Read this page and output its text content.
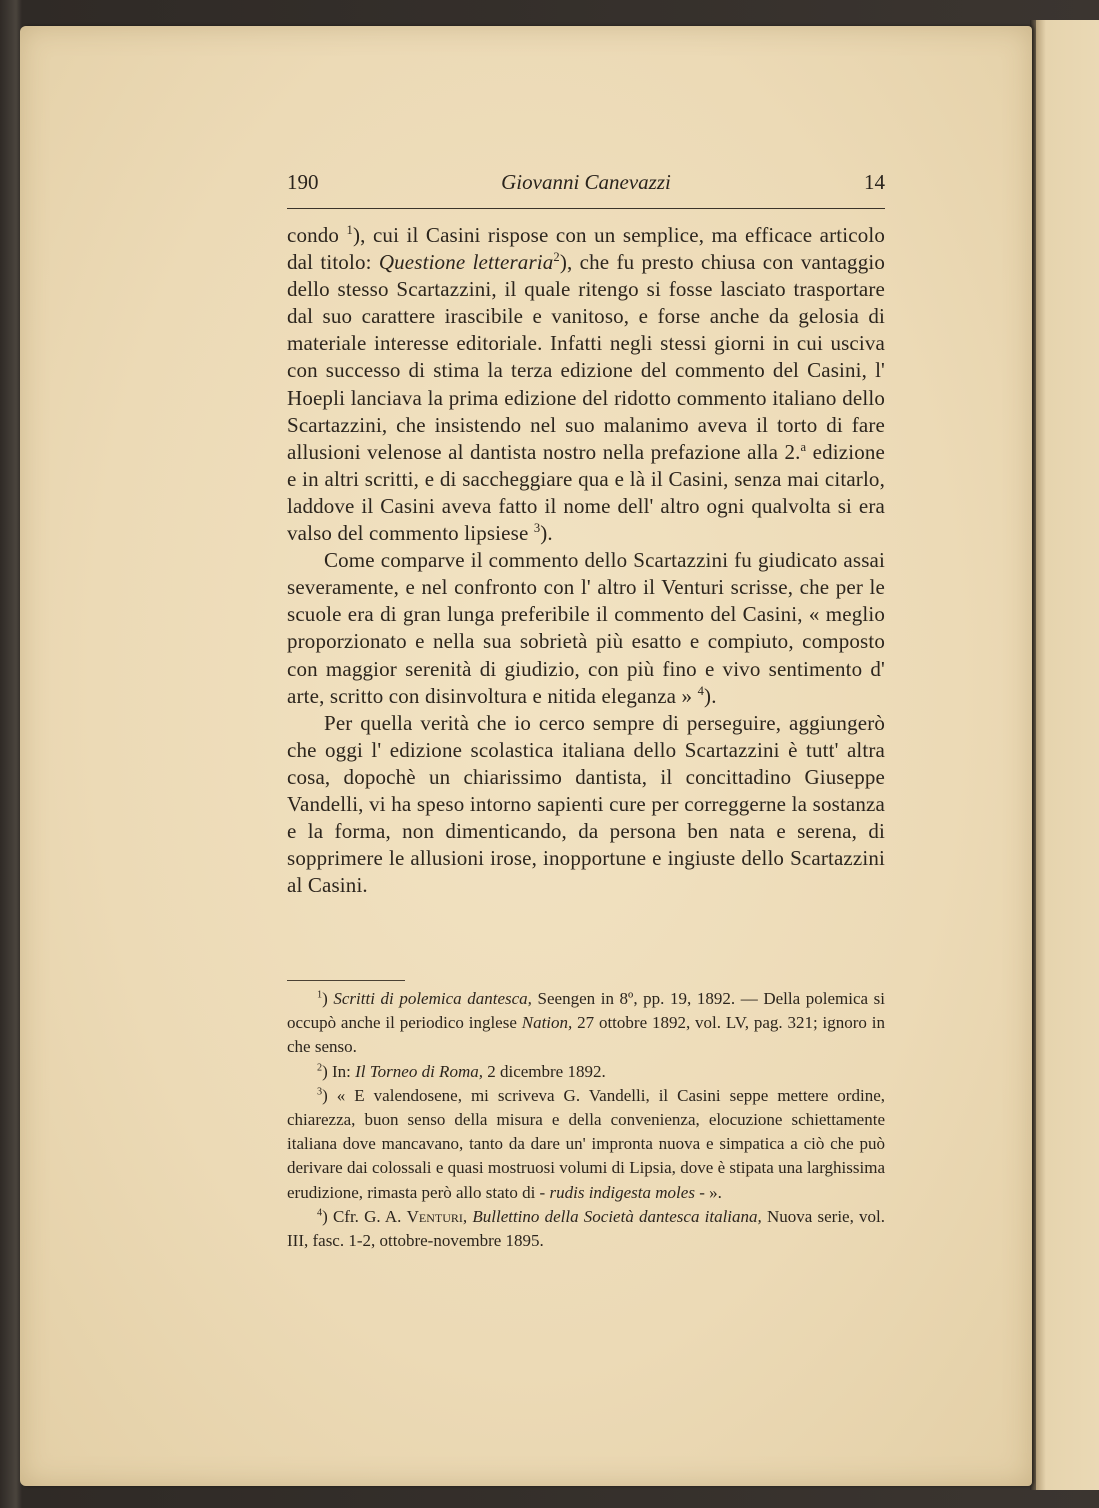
190	Giovanni Canevazzi	14

condo $^1$), cui il Casini rispose con un semplice, ma efficace articolo dal titolo: Questione letteraria$^2$), che fu presto chiusa con vantaggio dello stesso Scartazzini, il quale ritengo si fosse lasciato trasportare dal suo carattere irascibile e vanitoso, e forse anche da gelosia di materiale interesse editoriale. Infatti negli stessi giorni in cui usciva con successo di stima la terza edizione del commento del Casini, l' Hoepli lanciava la prima edizione del ridotto commento italiano dello Scartazzini, che insistendo nel suo malanimo aveva il torto di fare allusioni velenose al dantista nostro nella prefazione alla 2.$^a$ edizione e in altri scritti, e di saccheggiare qua e là il Casini, senza mai citarlo, laddove il Casini aveva fatto il nome dell' altro ogni qualvolta si era valso del commento lipsiese $^3$).

Come comparve il commento dello Scartazzini fu giudicato assai severamente, e nel confronto con l' altro il Venturi scrisse, che per le scuole era di gran lunga preferibile il commento del Casini, « meglio proporzionato e nella sua sobrietà più esatto e compiuto, composto con maggior serenità di giudizio, con più fino e vivo sentimento d' arte, scritto con disinvoltura e nitida eleganza » $^4$).

Per quella verità che io cerco sempre di perseguire, aggiungerò che oggi l' edizione scolastica italiana dello Scartazzini è tutt' altra cosa, dopochè un chiarissimo dantista, il concittadino Giuseppe Vandelli, vi ha speso intorno sapienti cure per correggerne la sostanza e la forma, non dimenticando, da persona ben nata e serena, di sopprimere le allusioni irose, inopportune e ingiuste dello Scartazzini al Casini.

$^1$) Scritti di polemica dantesca, Seengen in 8º, pp. 19, 1892. — Della polemica si occupò anche il periodico inglese Nation, 27 ottobre 1892, vol. LV, pag. 321; ignoro in che senso.

$^2$) In: Il Torneo di Roma, 2 dicembre 1892.

$^3$) « E valendosene, mi scriveva G. Vandelli, il Casini seppe mettere ordine, chiarezza, buon senso della misura e della convenienza, elocuzione schiettamente italiana dove mancavano, tanto da dare un' impronta nuova e simpatica a ciò che può derivare dai colossali e quasi mostruosi volumi di Lipsia, dove è stipata una larghissima erudizione, rimasta però allo stato di - rudis indigesta moles - ».

$^4$) Cfr. G. A. Venturi, Bullettino della Società dantesca italiana, Nuova serie, vol. III, fasc. 1-2, ottobre-novembre 1895.
